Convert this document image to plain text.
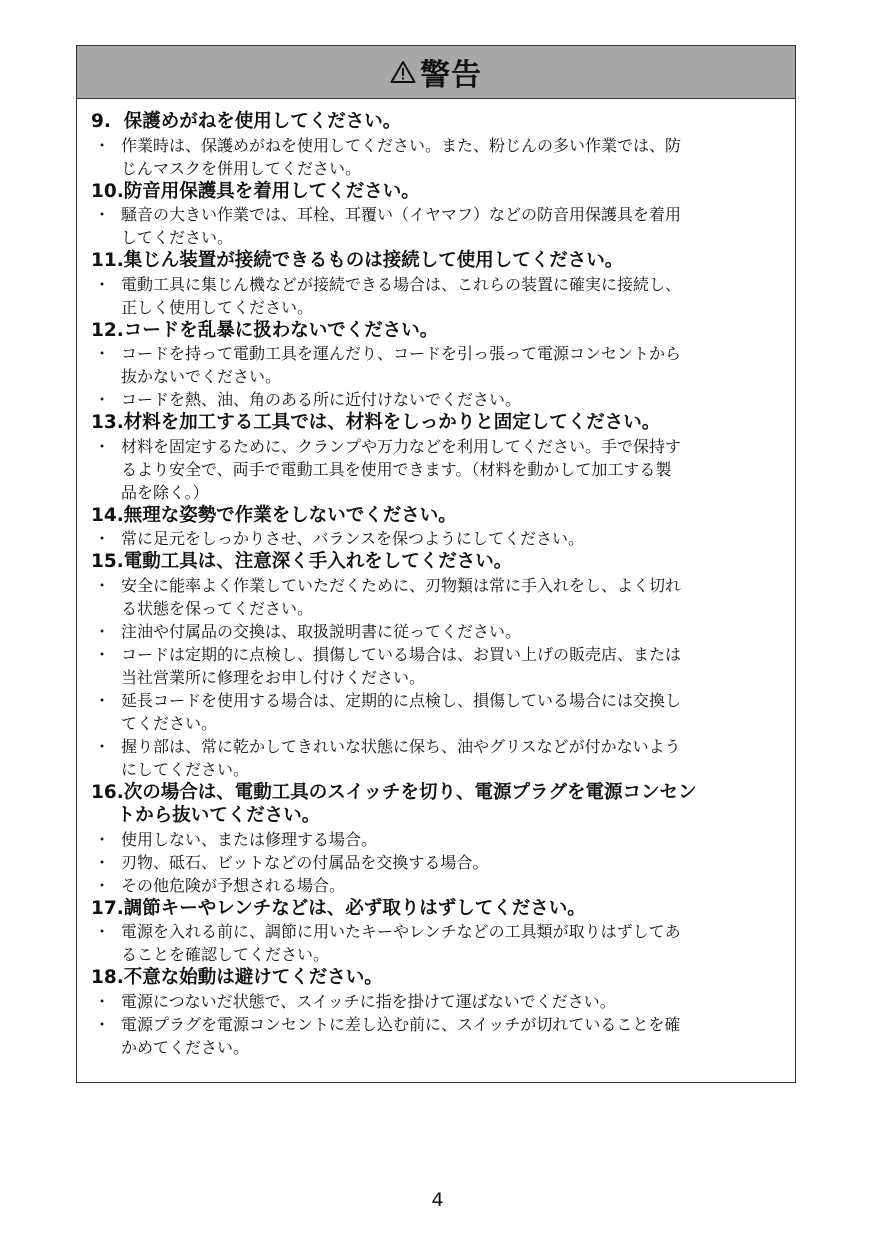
警告
9.  保護めがねを使用してください。
・ 作業時は、保護めがねを使用してください。また、粉じんの多い作業では、防
じんマスクを併用してください。
10.防音用保護具を着用してください。
・ 騒音の大きい作業では、耳栓、耳覆い（イヤマフ）などの防音用保護具を着用
してください。
11.集じん装置が接続できるものは接続して使用してください。
・ 電動工具に集じん機などが接続できる場合は、これらの装置に確実に接続し、
正しく使用してください。
12.コードを乱暴に扱わないでください。
・ コードを持って電動工具を運んだり、コードを引っ張って電源コンセントから
抜かないでください。
・ コードを熱、油、角のある所に近付けないでください。
13.材料を加工する工具では、材料をしっかりと固定してください。
・ 材料を固定するために、クランプや万力などを利用してください。手で保持す
るより安全で、両手で電動工具を使用できます。（材料を動かして加工する製
品を除く。）
14.無理な姿勢で作業をしないでください。
・ 常に足元をしっかりさせ、バランスを保つようにしてください。
15.電動工具は、注意深く手入れをしてください。
・ 安全に能率よく作業していただくために、刃物類は常に手入れをし、よく切れ
る状態を保ってください。
・ 注油や付属品の交換は、取扱説明書に従ってください。
・ コードは定期的に点検し、損傷している場合は、お買い上げの販売店、または
当社営業所に修理をお申し付けください。
・ 延長コードを使用する場合は、定期的に点検し、損傷している場合には交換し
てください。
・ 握り部は、常に乾かしてきれいな状態に保ち、油やグリスなどが付かないよう
にしてください。
16.次の場合は、電動工具のスイッチを切り、電源プラグを電源コンセン
トから抜いてください。
・ 使用しない、または修理する場合。
・ 刃物、砥石、ビットなどの付属品を交換する場合。
・ その他危険が予想される場合。
17.調節キーやレンチなどは、必ず取りはずしてください。
・ 電源を入れる前に、調節に用いたキーやレンチなどの工具類が取りはずしてあ
ることを確認してください。
18.不意な始動は避けてください。
・ 電源につないだ状態で、スイッチに指を掛けて運ばないでください。
・ 電源プラグを電源コンセントに差し込む前に、スイッチが切れていることを確
かめてください。
4
